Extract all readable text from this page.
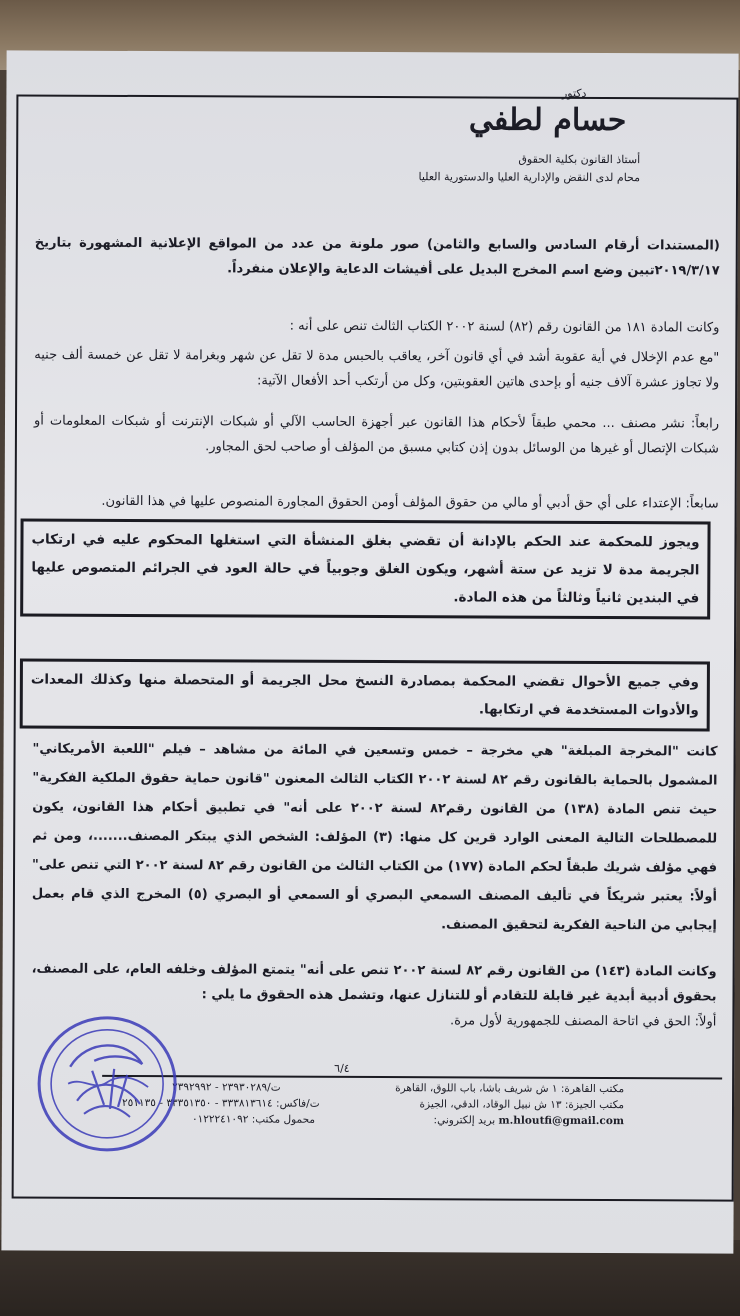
دكتور
حسام لطفي
أستاذ القانون بكلية الحقوق
محام لدى النقض والإدارية العليا والدستورية العليا
(المستندات أرقام السادس والسابع والثامن) صور ملونة من عدد من المواقع الإعلانية المشهورة بتاريخ ٢٠١٩/٣/١٧تبين وضع اسم المخرج البديل على أفيشات الدعاية والإعلان منفرداً.
وكانت المادة ١٨١ من القانون رقم (٨٢) لسنة ٢٠٠٢ الكتاب الثالث تنص على أنه :
"مع عدم الإخلال في أية عقوبة أشد في أي قانون آخر، يعاقب بالحبس مدة لا تقل عن شهر وبغرامة لا تقل عن خمسة ألف جنيه ولا تجاوز عشرة آلاف جنيه أو بإحدى هاتين العقوبتين، وكل من أرتكب أحد الأفعال الآتية:
رابعاً: نشر مصنف ... محمي طبقاً لأحكام هذا القانون عبر أجهزة الحاسب الآلي أو شبكات الإنترنت أو شبكات المعلومات أو شبكات الإتصال أو غيرها من الوسائل بدون إذن كتابي مسبق من المؤلف أو صاحب لحق المجاور.
سابعاً: الإعتداء على أي حق أدبي أو مالي من حقوق المؤلف أومن الحقوق المجاورة المنصوص عليها في هذا القانون.
ويجوز للمحكمة عند الحكم بالإدانة أن تقضي بغلق المنشأة التي استغلها المحكوم عليه في ارتكاب الجريمة مدة لا تزيد عن ستة أشهر، ويكون الغلق وجوبياً في حالة العود في الجرائم المتصوص عليها في البندين ثانياً وثالثاً من هذه المادة.
وفي جميع الأحوال تقضي المحكمة بمصادرة النسخ محل الجريمة أو المتحصلة منها وكذلك المعدات والأدوات المستخدمة في ارتكابها.
كانت "المخرجة المبلغة" هي مخرجة – خمس وتسعين في المائة من مشاهد – فيلم "اللعبة الأمريكاني" المشمول بالحماية بالقانون رقم ٨٢ لسنة ٢٠٠٢ الكتاب الثالث المعنون "قانون حماية حقوق الملكية الفكرية" حيث تنص المادة (١٣٨) من القانون رقم٨٢ لسنة ٢٠٠٢ على أنه" في تطبيق أحكام هذا القانون، يكون للمصطلحات التالية المعنى الوارد قرين كل منها: (٣) المؤلف: الشخص الذي يبتكر المصنف.......، ومن ثم فهي مؤلف شريك طبقاً لحكم المادة (١٧٧) من الكتاب الثالث من القانون رقم ٨٢ لسنة ٢٠٠٢ التي تنص على" أولاً: يعتبر شريكاً في تأليف المصنف السمعي البصري أو السمعي أو البصري (٥) المخرج الذي قام بعمل إيجابي من الناحية الفكرية لتحقيق المصنف.
وكانت المادة (١٤٣) من القانون رقم ٨٢ لسنة ٢٠٠٢ تنص على أنه" يتمتع المؤلف وخلفه العام، على المصنف، بحقوق أدبية أبدية غير قابلة للتقادم أو للتنازل عنها، وتشمل هذه الحقوق ما يلي :
أولاً: الحق في اتاحة المصنف للجمهورية لأول مرة.
٦/٤
مكتب القاهرة: ١ ش شريف باشا، باب اللوق، القاهرة
مكتب الجيزة: ١٣ ش نبيل الوقاد، الدقي، الجيزة
بريد إلكتروني: m.hloutfi@gmail.com
ت/٢٣٩٣٠٢٨٩ - ٢٣٩٢٩٩٢
ت/فاكس: ٣٣٣٨١٣٦١٤ - ٣٣٣٥١٣٥٠ - ٢٥١١٣٥
محمول مكتب: ٠١٢٢٢٤١٠٩٢
